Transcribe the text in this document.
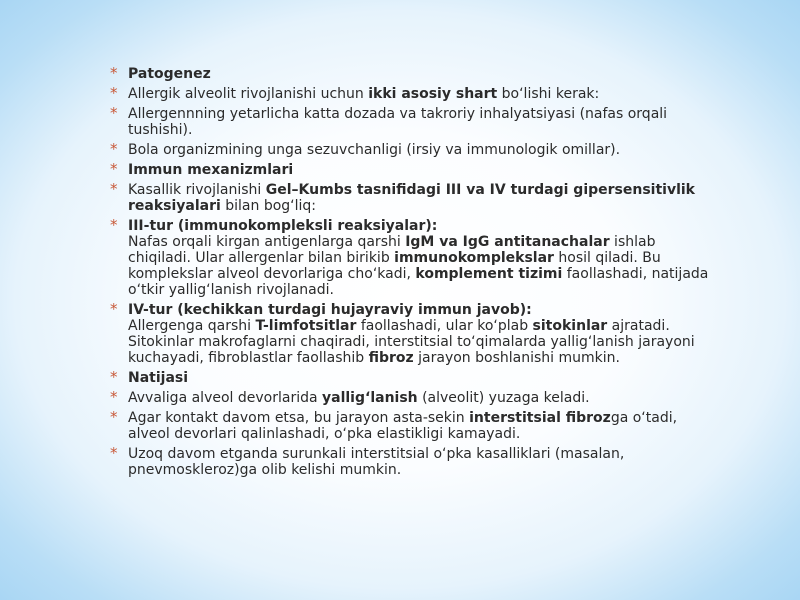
* Patogenez
* Allergik alveolit rivojlanishi uchun ikki asosiy shart bo‘lishi kerak:
* Allergennning yetarlicha katta dozada va takroriy inhalyatsiyasi (nafas orqali tushishi).
* Bola organizmining unga sezuvchanligi (irsiy va immunologik omillar).
* Immun mexanizmlari
* Kasallik rivojlanishi Gel–Kumbs tasnifidagi III va IV turdagi gipersensitivlik reaksiyalari bilan bog‘liq:
* III-tur (immunokompleksli reaksiyalar):
Nafas orqali kirgan antigenlarga qarshi IgM va IgG antitanachalar ishlab chiqiladi. Ular allergenlar bilan birikib immunokomplekslar hosil qiladi. Bu komplekslar alveol devorlariga cho‘kadi, komplement tizimi faollashadi, natijada o‘tkir yallig‘lanish rivojlanadi.
* IV-tur (kechikkan turdagi hujayraviy immun javob):
Allergenga qarshi T-limfotsitlar faollashadi, ular ko‘plab sitokinlar ajratadi. Sitokinlar makrofaglarni chaqiradi, interstitsial to‘qimalarda yallig‘lanish jarayoni kuchayadi, fibroblastlar faollashib fibroz jarayon boshlanishi mumkin.
* Natijasi
* Avvaliga alveol devorlarida yallig‘lanish (alveolit) yuzaga keladi.
* Agar kontakt davom etsa, bu jarayon asta-sekin interstitsial fibrozga o‘tadi, alveol devorlari qalinlashadi, o‘pka elastikligi kamayadi.
* Uzoq davom etganda surunkali interstitsial o‘pka kasalliklari (masalan, pnevmoskleroz)ga olib kelishi mumkin.
